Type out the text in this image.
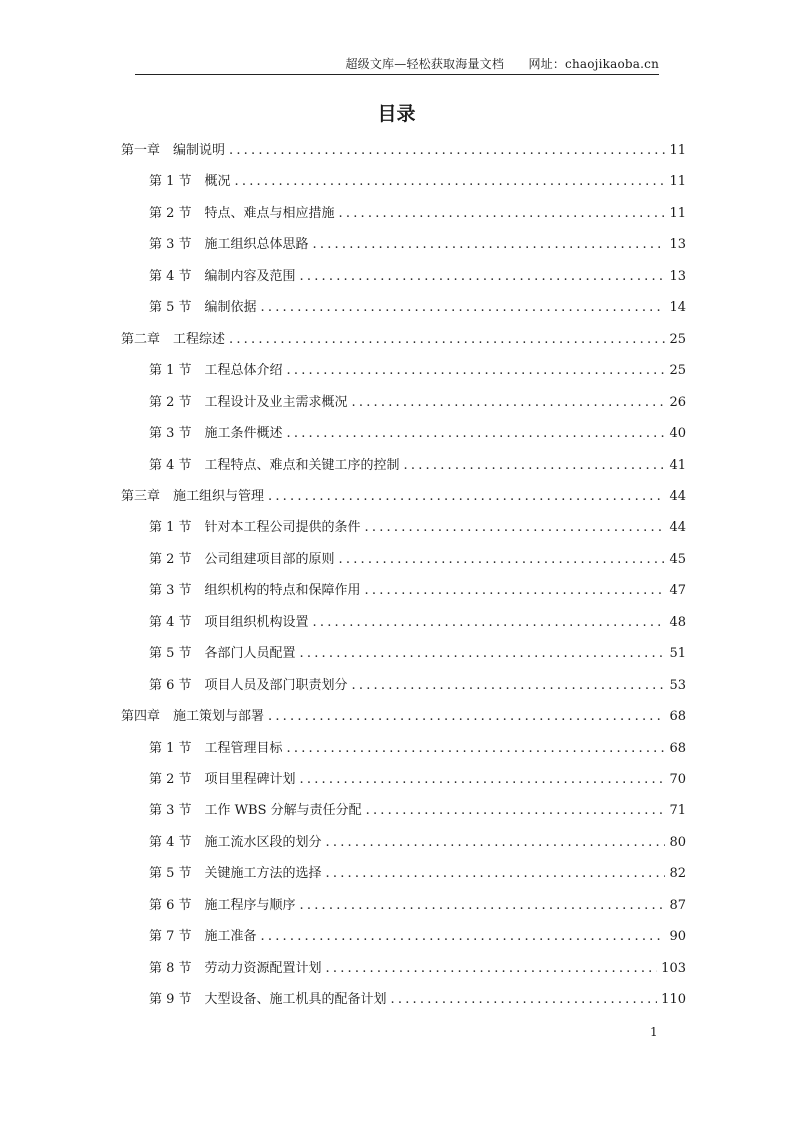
超级文库—轻松获取海量文档　　网址：chaojikaoba.cn
目录
第一章　编制说明 .....	11
第 1 节　概况 .....	11
第 2 节　特点、难点与相应措施 .....	11
第 3 节　施工组织总体思路 .....	13
第 4 节　编制内容及范围 .....	13
第 5 节　编制依据 .....	14
第二章　工程综述 .....	25
第 1 节　工程总体介绍 .....	25
第 2 节　工程设计及业主需求概况 .....	26
第 3 节　施工条件概述 .....	40
第 4 节　工程特点、难点和关键工序的控制 .....	41
第三章　施工组织与管理 .....	44
第 1 节　针对本工程公司提供的条件 .....	44
第 2 节　公司组建项目部的原则 .....	45
第 3 节　组织机构的特点和保障作用 .....	47
第 4 节　项目组织机构设置 .....	48
第 5 节　各部门人员配置 .....	51
第 6 节　项目人员及部门职责划分 .....	53
第四章　施工策划与部署 .....	68
第 1 节　工程管理目标 .....	68
第 2 节　项目里程碑计划 .....	70
第 3 节　工作 WBS 分解与责任分配 .....	71
第 4 节　施工流水区段的划分 .....	80
第 5 节　关键施工方法的选择 .....	82
第 6 节　施工程序与顺序 .....	87
第 7 节　施工准备 .....	90
第 8 节　劳动力资源配置计划 .....	103
第 9 节　大型设备、施工机具的配备计划 .....	110
1
